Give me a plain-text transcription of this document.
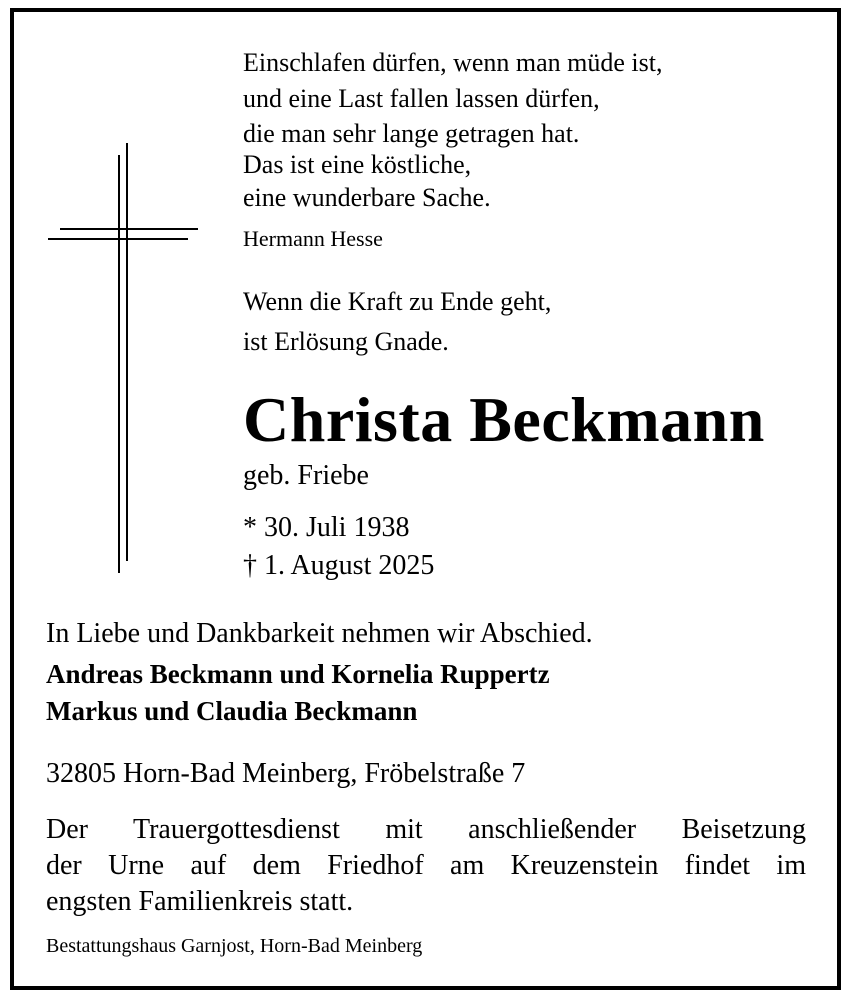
Einschlafen dürfen, wenn man müde ist,
und eine Last fallen lassen dürfen,
die man sehr lange getragen hat.
Das ist eine köstliche,
eine wunderbare Sache.
Hermann Hesse
Wenn die Kraft zu Ende geht,
ist Erlösung Gnade.
Christa Beckmann
geb. Friebe
* 30. Juli 1938
† 1. August 2025
In Liebe und Dankbarkeit nehmen wir Abschied.
Andreas Beckmann und Kornelia Ruppertz
Markus und Claudia Beckmann
32805 Horn-Bad Meinberg, Fröbelstraße 7
Der Trauergottesdienst mit anschließender Beisetzung
der Urne auf dem Friedhof am Kreuzenstein findet im
engsten Familienkreis statt.
Bestattungshaus Garnjost, Horn-Bad Meinberg
